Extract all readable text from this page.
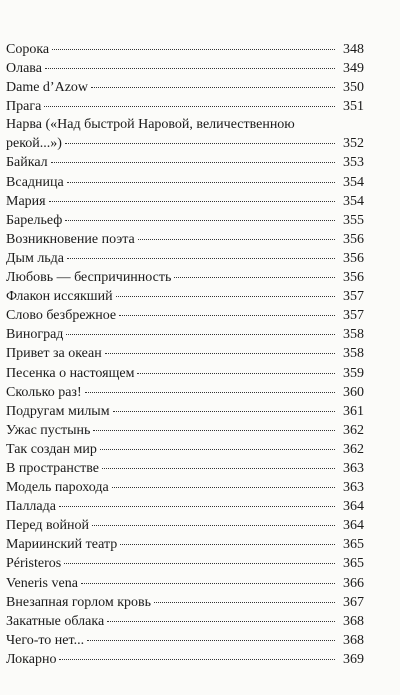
Сорока	348
Олава	349
Dame d’Azow	350
Прага	351
Нарва («Над быстрой Наровой, величественною
рекой...»)	352
Байкал	353
Всадница	354
Мария	354
Барельеф	355
Возникновение поэта	356
Дым льда	356
Любовь — беспричинность	356
Флакон иссякший	357
Слово безбрежное	357
Виноград	358
Привет за океан	358
Песенка о настоящем	359
Сколько раз!	360
Подругам милым	361
Ужас пустынь	362
Так создан мир	362
В пространстве	363
Модель парохода	363
Паллада	364
Перед войной	364
Мариинский театр	365
Péristeros	365
Veneris vena	366
Внезапная горлом кровь	367
Закатные облака	368
Чего-то нет...	368
Локарно	369
